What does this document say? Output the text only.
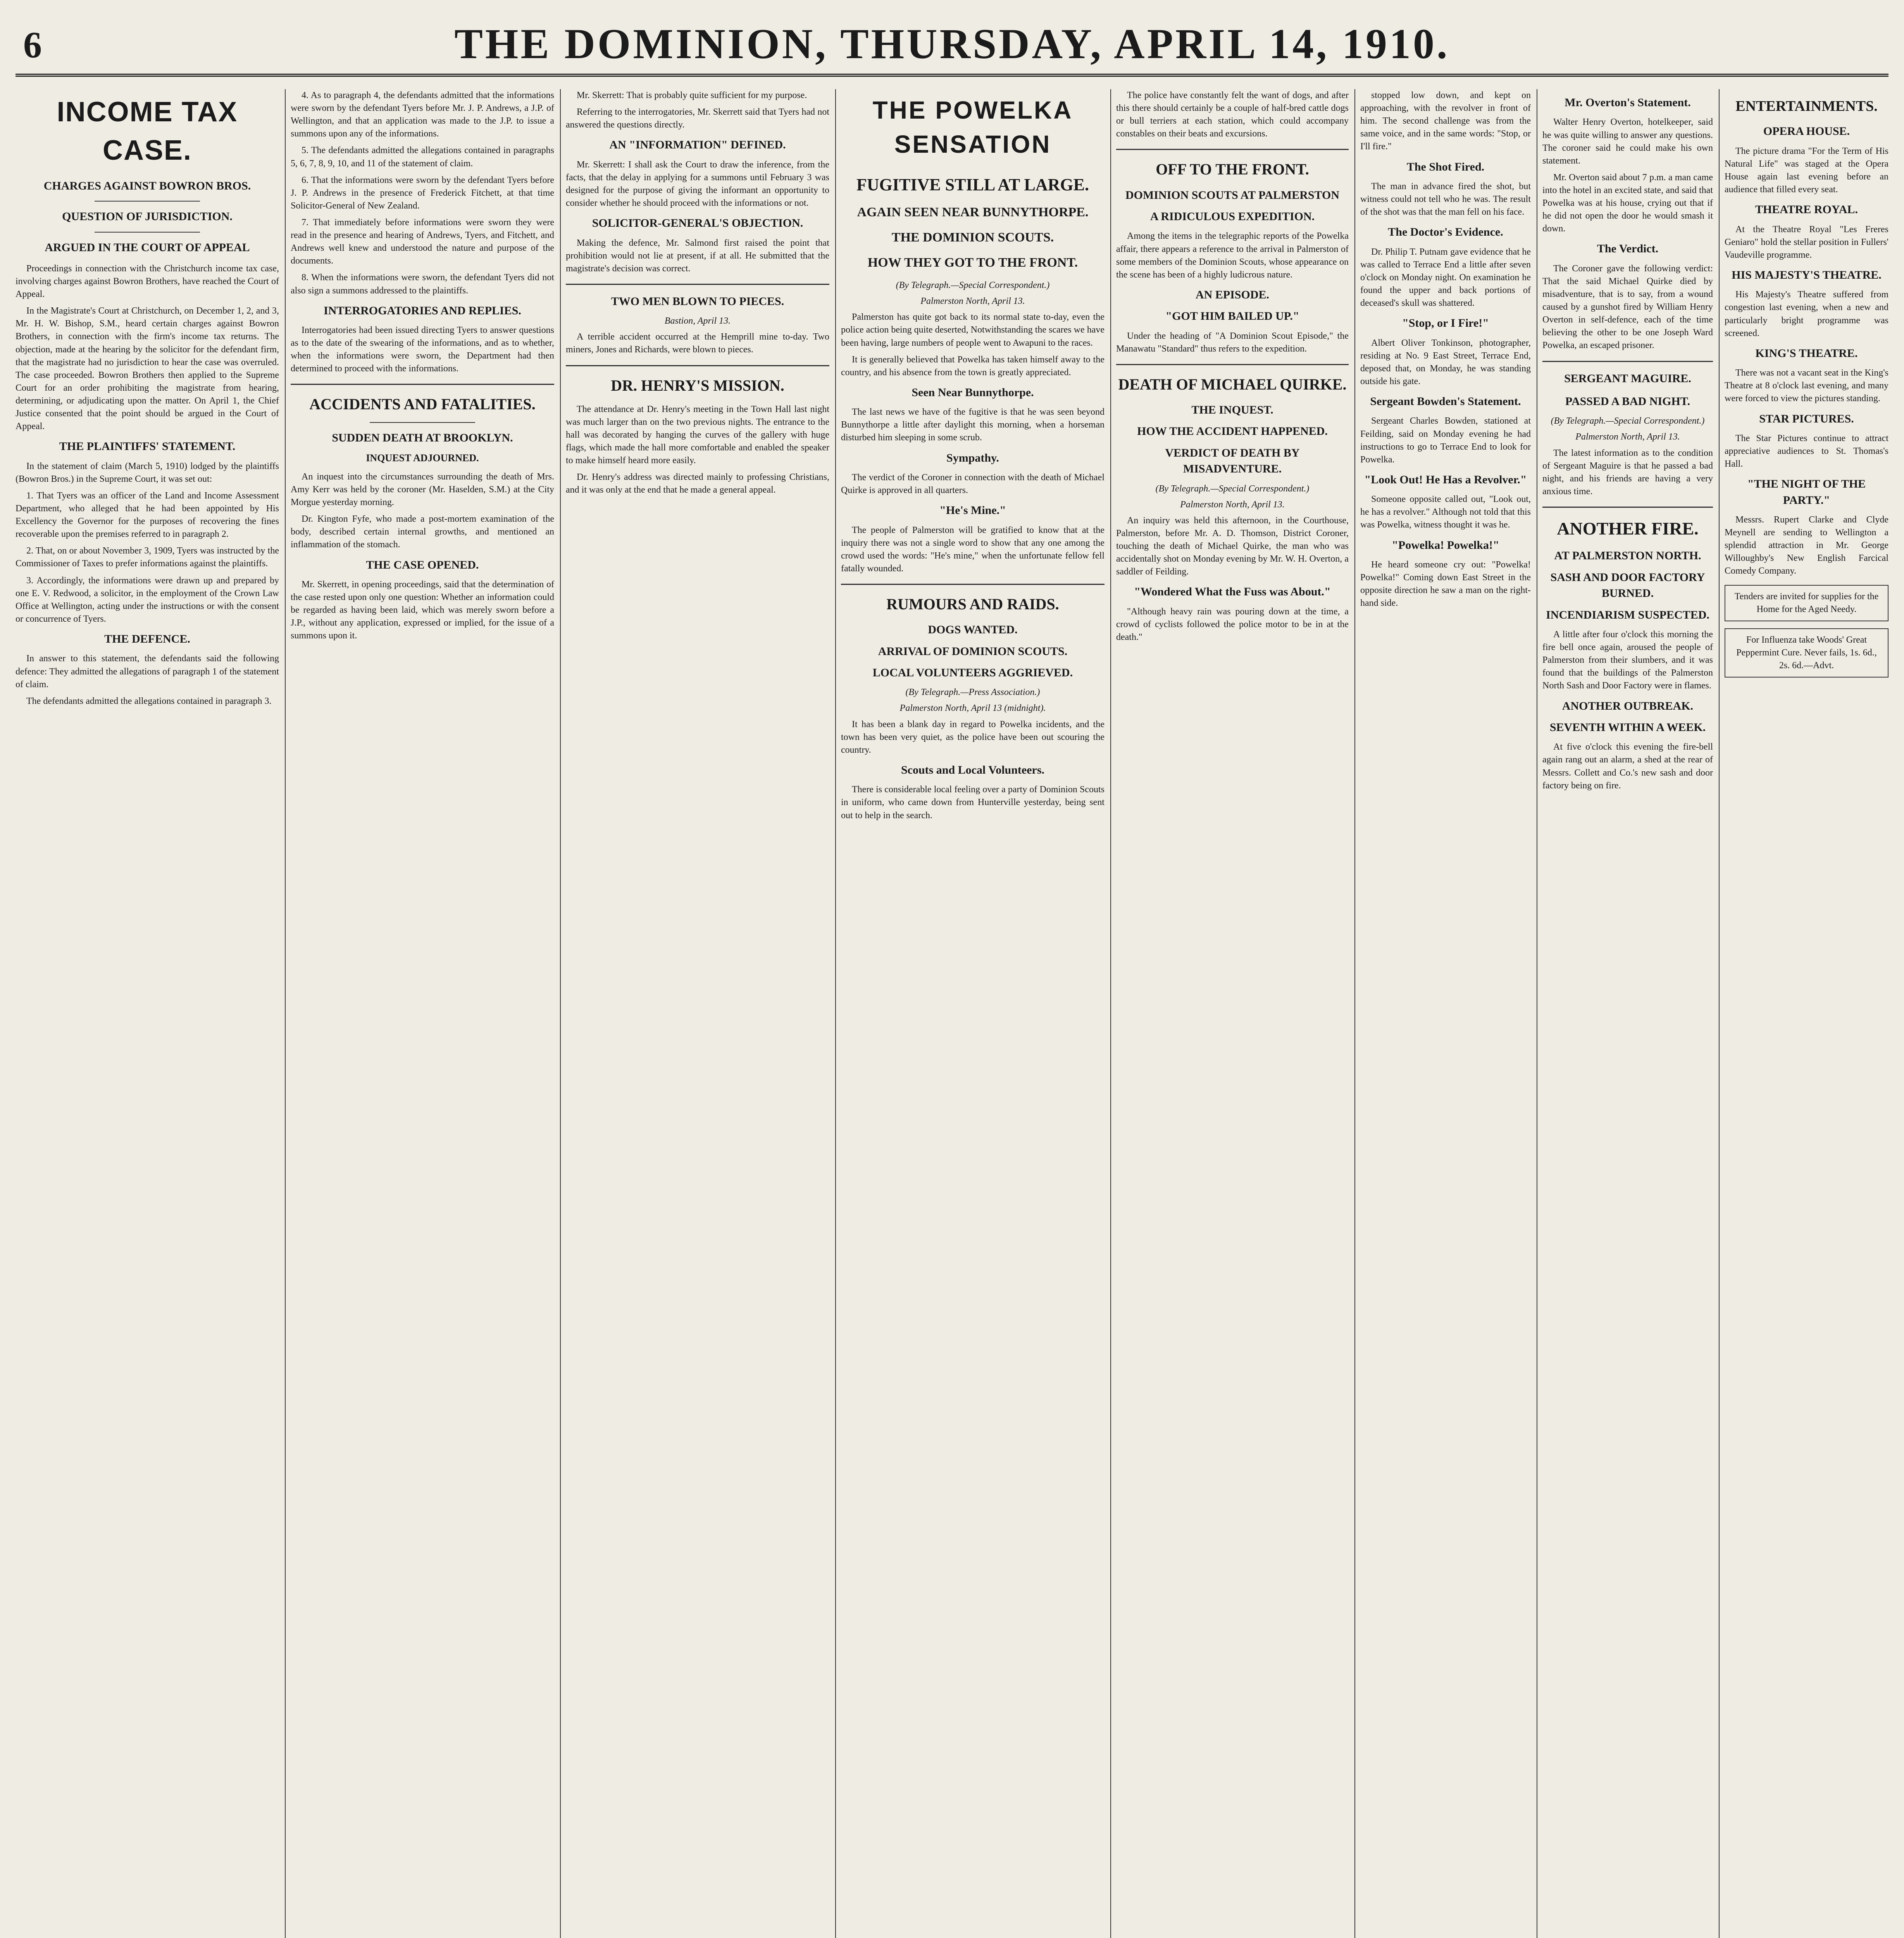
6	THE DOMINION, THURSDAY, APRIL 14, 1910.
INCOME TAX CASE.
CHARGES AGAINST BOWRON BROS.
QUESTION OF JURISDICTION.
ARGUED IN THE COURT OF APPEAL

Proceedings in connection with the Christchurch income tax case, involving charges against Bowron Brothers, have reached the Court of Appeal.

In the Magistrate's Court at Christchurch, on December 1, 2, and 3, Mr. H. W. Bishop, S.M., heard certain charges against Bowron Brothers, in connection with the firm's income tax returns. The objection, made at the hearing by the solicitor for the defendant firm, that the magistrate had no jurisdiction to hear the case was overruled. The case proceeded. Bowron Brothers then applied to the Supreme Court for an order prohibiting the magistrate from hearing, determining, or adjudicating upon the matter. On April 1, the Chief Justice consented that the point should be argued in the Court of Appeal.

THE PLAINTIFFS' STATEMENT.

In the statement of claim (March 5, 1910) lodged by the plaintiffs (Bowron Bros.) in the Supreme Court, it was set out:

1. That Tyers was an officer of the Land and Income Assessment Department, who alleged that he had been appointed by His Excellency the Governor for the purposes of recovering the fines recoverable upon the premises referred to in paragraph 2.

2. That, on or about November 3, 1909, Tyers was instructed by the Commissioner of Taxes to prefer informations against the plaintiffs.

3. Accordingly, the informations were drawn up and prepared by one E. V. Redwood, a solicitor, in the employment of the Crown Law Office at Wellington, acting under the instructions or with the consent or concurrence of Tyers.

THE DEFENCE.

In answer to this statement, the defendants said the following defence: They admitted the allegations of paragraph 1 of the statement of claim.

The defendants admitted the allegations contained in paragraph 3.

4. As to paragraph 4, the defendants admitted that the informations were sworn by the defendant Tyers before Mr. J. P. Andrews, a J.P. of Wellington, and that an application was made to the J.P. to issue a summons upon any of the informations.

5. The defendants admitted the allegations contained in paragraphs 5, 6, 7, 8, 9, 10, and 11 of the statement of claim.

6. That the informations were sworn by the defendant Tyers before J. P. Andrews in the presence of Frederick Fitchett, at that time Solicitor-General of New Zealand.

7. That immediately before informations were sworn they were read in the presence and hearing of Andrews, Tyers, and Fitchett, and Andrews well knew and understood the nature and purpose of the documents.

8. When the informations were sworn, the defendant Tyers did not also sign a summons addressed to the plaintiffs.

INTERROGATORIES AND REPLIES.

Interrogatories had been issued directing Tyers to answer questions as to the date of the swearing of the informations, and as to whether, when the informations were sworn, the Department had then determined to proceed with the informations.

ACCIDENTS AND FATALITIES.
SUDDEN DEATH AT BROOKLYN.
INQUEST ADJOURNED.

An inquest into the circumstances surrounding the death of Mrs. Amy Kerr was held by the coroner (Mr. Haselden, S.M.) at the City Morgue yesterday morning.

Dr. Kington Fyfe, who made a post-mortem examination of the body, described certain internal growths, and mentioned an inflammation of the stomach.

THE CASE OPENED.

Mr. Skerrett, in opening proceedings, said that the determination of the case rested upon only one question: Whether an information could be regarded as having been laid, which was merely sworn before a J.P., without any application, expressed or implied, for the issue of a summons upon it.

Mr. Skerrett: That is probably quite sufficient for my purpose.

Referring to the interrogatories, Mr. Skerrett said that Tyers had not answered the questions directly.

AN "INFORMATION" DEFINED.

Mr. Skerrett: I shall ask the Court to draw the inference, from the facts, that the delay in applying for a summons until February 3 was designed for the purpose of giving the informant an opportunity to consider whether he should proceed with the informations or not.

SOLICITOR-GENERAL'S OBJECTION.

Making the defence, Mr. Salmond first raised the point that prohibition would not lie at present, if at all. He submitted that the magistrate's decision was correct.

TWO MEN BLOWN TO PIECES.
Bastion, April 13.

A terrible accident occurred at the Hemprill mine to-day. Two miners, Jones and Richards, were blown to pieces.

DR. HENRY'S MISSION.

The attendance at Dr. Henry's meeting in the Town Hall last night was much larger than on the two previous nights. The entrance to the hall was decorated by hanging the curves of the gallery with huge flags, which made the hall more comfortable and enabled the speaker to make himself heard more easily.

Dr. Henry's address was directed mainly to professing Christians, and it was only at the end that he made a general appeal.

THE POWELKA SENSATION
FUGITIVE STILL AT LARGE.
AGAIN SEEN NEAR BUNNYTHORPE.
THE DOMINION SCOUTS.
HOW THEY GOT TO THE FRONT.
(By Telegraph.—Special Correspondent.)
Palmerston North, April 13.

Palmerston has quite got back to its normal state to-day, even the police action being quite deserted, Notwithstanding the scares we have been having, large numbers of people went to Awapuni to the races.

It is generally believed that Powelka has taken himself away to the country, and his absence from the town is greatly appreciated.

Seen Near Bunnythorpe.

The last news we have of the fugitive is that he was seen beyond Bunnythorpe a little after daylight this morning, when a horseman disturbed him sleeping in some scrub.

Sympathy.

The verdict of the Coroner in connection with the death of Michael Quirke is approved in all quarters.

"He's Mine."

The people of Palmerston will be gratified to know that at the inquiry there was not a single word to show that any one among the crowd used the words: "He's mine," when the unfortunate fellow fell fatally wounded.

RUMOURS AND RAIDS.
DOGS WANTED.
ARRIVAL OF DOMINION SCOUTS.
LOCAL VOLUNTEERS AGGRIEVED.
(By Telegraph.—Press Association.)
Palmerston North, April 13 (midnight).

It has been a blank day in regard to Powelka incidents, and the town has been very quiet, as the police have been out scouring the country.

Scouts and Local Volunteers.

There is considerable local feeling over a party of Dominion Scouts in uniform, who came down from Hunterville yesterday, being sent out to help in the search.

The police have constantly felt the want of dogs, and after this there should certainly be a couple of half-bred cattle dogs or bull terriers at each station, which could accompany constables on their beats and excursions.

OFF TO THE FRONT.
DOMINION SCOUTS AT PALMERSTON
A RIDICULOUS EXPEDITION.

Among the items in the telegraphic reports of the Powelka affair, there appears a reference to the arrival in Palmerston of some members of the Dominion Scouts, whose appearance on the scene has been of a highly ludicrous nature.

AN EPISODE.
"GOT HIM BAILED UP."

Under the heading of "A Dominion Scout Episode," the Manawatu "Standard" thus refers to the expedition.

DEATH OF MICHAEL QUIRKE.
THE INQUEST.
HOW THE ACCIDENT HAPPENED.
VERDICT OF DEATH BY MISADVENTURE.
(By Telegraph.—Special Correspondent.)
Palmerston North, April 13.

An inquiry was held this afternoon, in the Courthouse, Palmerston, before Mr. A. D. Thomson, District Coroner, touching the death of Michael Quirke, the man who was accidentally shot on Monday evening by Mr. W. H. Overton, a saddler of Feilding.

"Wondered What the Fuss was About."

"Although heavy rain was pouring down at the time, a crowd of cyclists followed the police motor to be in at the death."

stopped low down, and kept on approaching, with the revolver in front of him. The second challenge was from the same voice, and in the same words: "Stop, or I'll fire."

The Shot Fired.

The man in advance fired the shot, but witness could not tell who he was. The result of the shot was that the man fell on his face.

The Doctor's Evidence.

Dr. Philip T. Putnam gave evidence that he was called to Terrace End a little after seven o'clock on Monday night. On examination he found the upper and back portions of deceased's skull was shattered.

"Stop, or I Fire!"

Albert Oliver Tonkinson, photographer, residing at No. 9 East Street, Terrace End, deposed that, on Monday, he was standing outside his gate.

Sergeant Bowden's Statement.

Sergeant Charles Bowden, stationed at Feilding, said on Monday evening he had instructions to go to Terrace End to look for Powelka.

"Look Out! He Has a Revolver."

Someone opposite called out, "Look out, he has a revolver." Although not told that this was Powelka, witness thought it was he.

"Powelka! Powelka!"

He heard someone cry out: "Powelka! Powelka!" Coming down East Street in the opposite direction he saw a man on the right-hand side.

Mr. Overton's Statement.

Walter Henry Overton, hotelkeeper, said he was quite willing to answer any questions. The coroner said he could make his own statement.

Mr. Overton said about 7 p.m. a man came into the hotel in an excited state, and said that Powelka was at his house, crying out that if he did not open the door he would smash it down.

The Verdict.

The Coroner gave the following verdict: That the said Michael Quirke died by misadventure, that is to say, from a wound caused by a gunshot fired by William Henry Overton in self-defence, each of the time believing the other to be one Joseph Ward Powelka, an escaped prisoner.

SERGEANT MAGUIRE.
PASSED A BAD NIGHT.
(By Telegraph.—Special Correspondent.)
Palmerston North, April 13.

The latest information as to the condition of Sergeant Maguire is that he passed a bad night, and his friends are having a very anxious time.

ANOTHER FIRE.
AT PALMERSTON NORTH.
SASH AND DOOR FACTORY BURNED.
INCENDIARISM SUSPECTED.

A little after four o'clock this morning the fire bell once again, aroused the people of Palmerston from their slumbers, and it was found that the buildings of the Palmerston North Sash and Door Factory were in flames.

ANOTHER OUTBREAK.
SEVENTH WITHIN A WEEK.

At five o'clock this evening the fire-bell again rang out an alarm, a shed at the rear of Messrs. Collett and Co.'s new sash and door factory being on fire.

ENTERTAINMENTS.
OPERA HOUSE.

The picture drama "For the Term of His Natural Life" was staged at the Opera House again last evening before an audience that filled every seat.

THEATRE ROYAL.

At the Theatre Royal "Les Freres Geniaro" hold the stellar position in Fullers' Vaudeville programme.

HIS MAJESTY'S THEATRE.

His Majesty's Theatre suffered from congestion last evening, when a new and particularly bright programme was screened.

KING'S THEATRE.

There was not a vacant seat in the King's Theatre at 8 o'clock last evening, and many were forced to view the pictures standing.

STAR PICTURES.

The Star Pictures continue to attract appreciative audiences to St. Thomas's Hall.

"THE NIGHT OF THE PARTY."

Messrs. Rupert Clarke and Clyde Meynell are sending to Wellington a splendid attraction in Mr. George Willoughby's New English Farcical Comedy Company.

Tenders are invited for supplies for the Home for the Aged Needy.
For Influenza take Woods' Great Peppermint Cure. Never fails, 1s. 6d., 2s. 6d.—Advt.
